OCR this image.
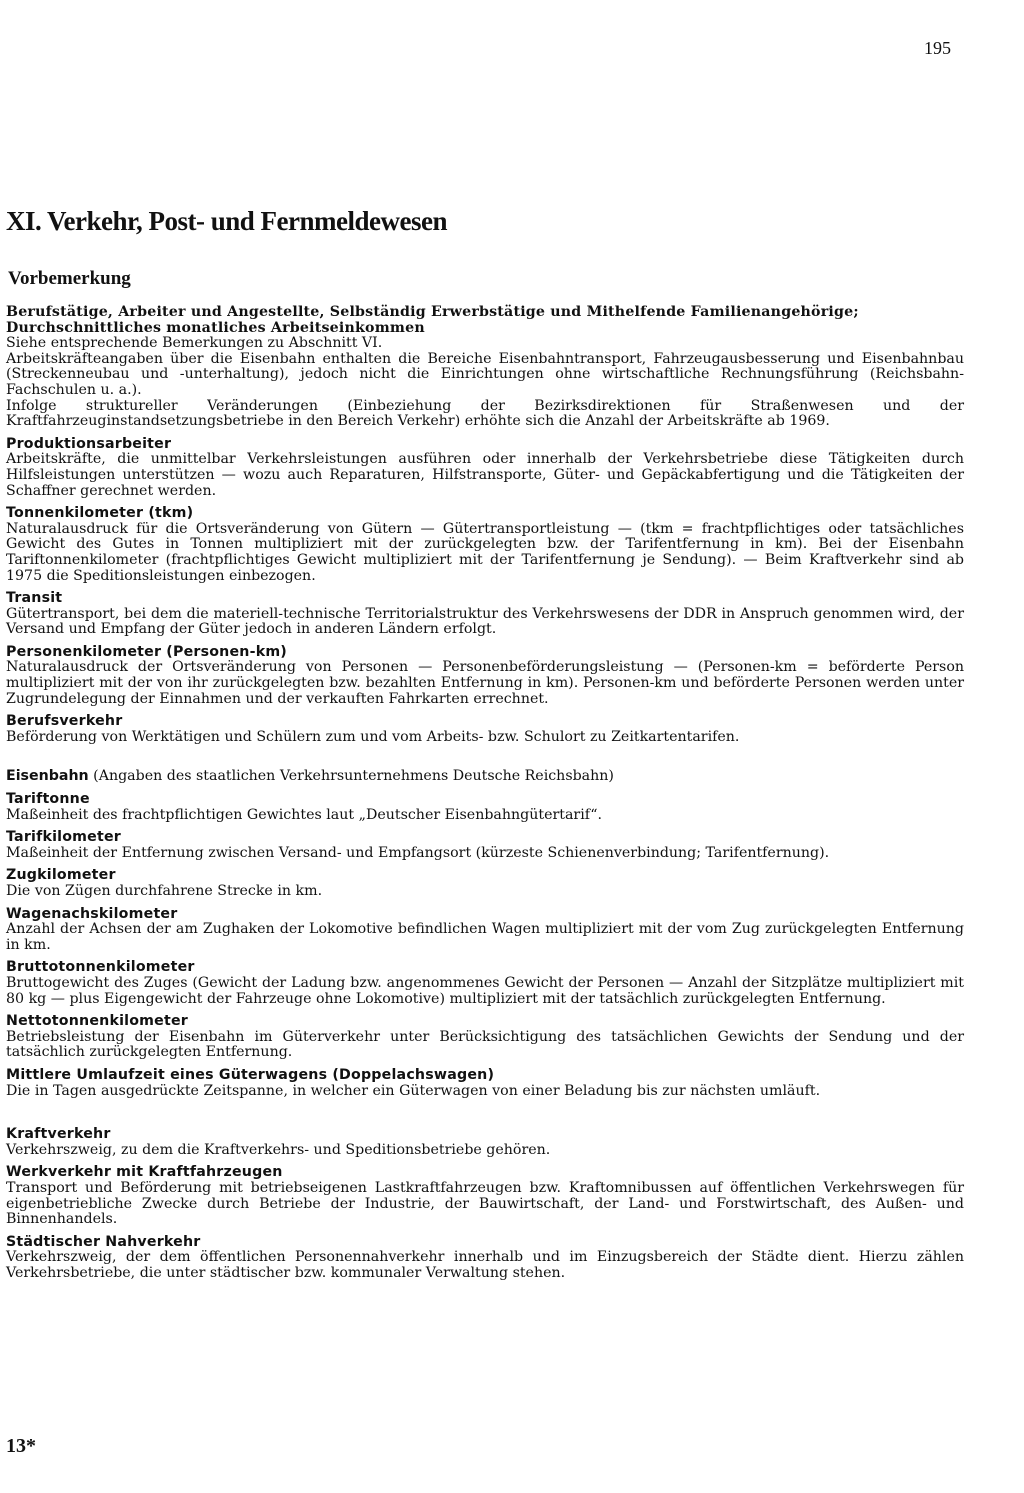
195
XI. Verkehr, Post- und Fernmeldewesen
Vorbemerkung
Berufstätige, Arbeiter und Angestellte, Selbständig Erwerbstätige und Mithelfende Familienangehörige; Durchschnittliches monatliches Arbeitseinkommen

Siehe entsprechende Bemerkungen zu Abschnitt VI.

Arbeitskräfteangaben über die Eisenbahn enthalten die Bereiche Eisenbahntransport, Fahrzeugausbesserung und Eisenbahnbau (Streckenneubau und -unterhaltung), jedoch nicht die Einrichtungen ohne wirtschaftliche Rechnungsführung (Reichsbahn-Fachschulen u. a.).

Infolge struktureller Veränderungen (Einbeziehung der Bezirksdirektionen für Straßenwesen und der Kraftfahrzeuginstandsetzungsbetriebe in den Bereich Verkehr) erhöhte sich die Anzahl der Arbeitskräfte ab 1969.

Produktionsarbeiter

Arbeitskräfte, die unmittelbar Verkehrsleistungen ausführen oder innerhalb der Verkehrsbetriebe diese Tätigkeiten durch Hilfsleistungen unterstützen — wozu auch Reparaturen, Hilfstransporte, Güter- und Gepäckabfertigung und die Tätigkeiten der Schaffner gerechnet werden.

Tonnenkilometer (tkm)

Naturalausdruck für die Ortsveränderung von Gütern — Gütertransportleistung — (tkm = frachtpflichtiges oder tatsächliches Gewicht des Gutes in Tonnen multipliziert mit der zurückgelegten bzw. der Tarifentfernung in km). Bei der Eisenbahn Tariftonnenkilometer (frachtpflichtiges Gewicht multipliziert mit der Tarifentfernung je Sendung). — Beim Kraftverkehr sind ab 1975 die Speditionsleistungen einbezogen.

Transit

Gütertransport, bei dem die materiell-technische Territorialstruktur des Verkehrswesens der DDR in Anspruch genommen wird, der Versand und Empfang der Güter jedoch in anderen Ländern erfolgt.

Personenkilometer (Personen-km)

Naturalausdruck der Ortsveränderung von Personen — Personenbeförderungsleistung — (Personen-km = beförderte Person multipliziert mit der von ihr zurückgelegten bzw. bezahlten Entfernung in km). Personen-km und beförderte Personen werden unter Zugrundelegung der Einnahmen und der verkauften Fahrkarten errechnet.

Berufsverkehr

Beförderung von Werktätigen und Schülern zum und vom Arbeits- bzw. Schulort zu Zeitkartentarifen.

Eisenbahn (Angaben des staatlichen Verkehrsunternehmens Deutsche Reichsbahn)
Tariftonne

Maßeinheit des frachtpflichtigen Gewichtes laut „Deutscher Eisenbahngütertarif“.

Tarifkilometer

Maßeinheit der Entfernung zwischen Versand- und Empfangsort (kürzeste Schienenverbindung; Tarifentfernung).

Zugkilometer

Die von Zügen durchfahrene Strecke in km.

Wagenachskilometer

Anzahl der Achsen der am Zughaken der Lokomotive befindlichen Wagen multipliziert mit der vom Zug zurückgelegten Entfernung in km.

Bruttotonnenkilometer

Bruttogewicht des Zuges (Gewicht der Ladung bzw. angenommenes Gewicht der Personen — Anzahl der Sitzplätze multipliziert mit 80 kg — plus Eigengewicht der Fahrzeuge ohne Lokomotive) multipliziert mit der tatsächlich zurückgelegten Entfernung.

Nettotonnenkilometer

Betriebsleistung der Eisenbahn im Güterverkehr unter Berücksichtigung des tatsächlichen Gewichts der Sendung und der tatsächlich zurückgelegten Entfernung.

Mittlere Umlaufzeit eines Güterwagens (Doppelachswagen)

Die in Tagen ausgedrückte Zeitspanne, in welcher ein Güterwagen von einer Beladung bis zur nächsten umläuft.

Kraftverkehr

Verkehrszweig, zu dem die Kraftverkehrs- und Speditionsbetriebe gehören.

Werkverkehr mit Kraftfahrzeugen

Transport und Beförderung mit betriebseigenen Lastkraftfahrzeugen bzw. Kraftomnibussen auf öffentlichen Verkehrswegen für eigenbetriebliche Zwecke durch Betriebe der Industrie, der Bauwirtschaft, der Land- und Forstwirtschaft, des Außen- und Binnenhandels.

Städtischer Nahverkehr

Verkehrszweig, der dem öffentlichen Personennahverkehr innerhalb und im Einzugsbereich der Städte dient. Hierzu zählen Verkehrsbetriebe, die unter städtischer bzw. kommunaler Verwaltung stehen.

13*
